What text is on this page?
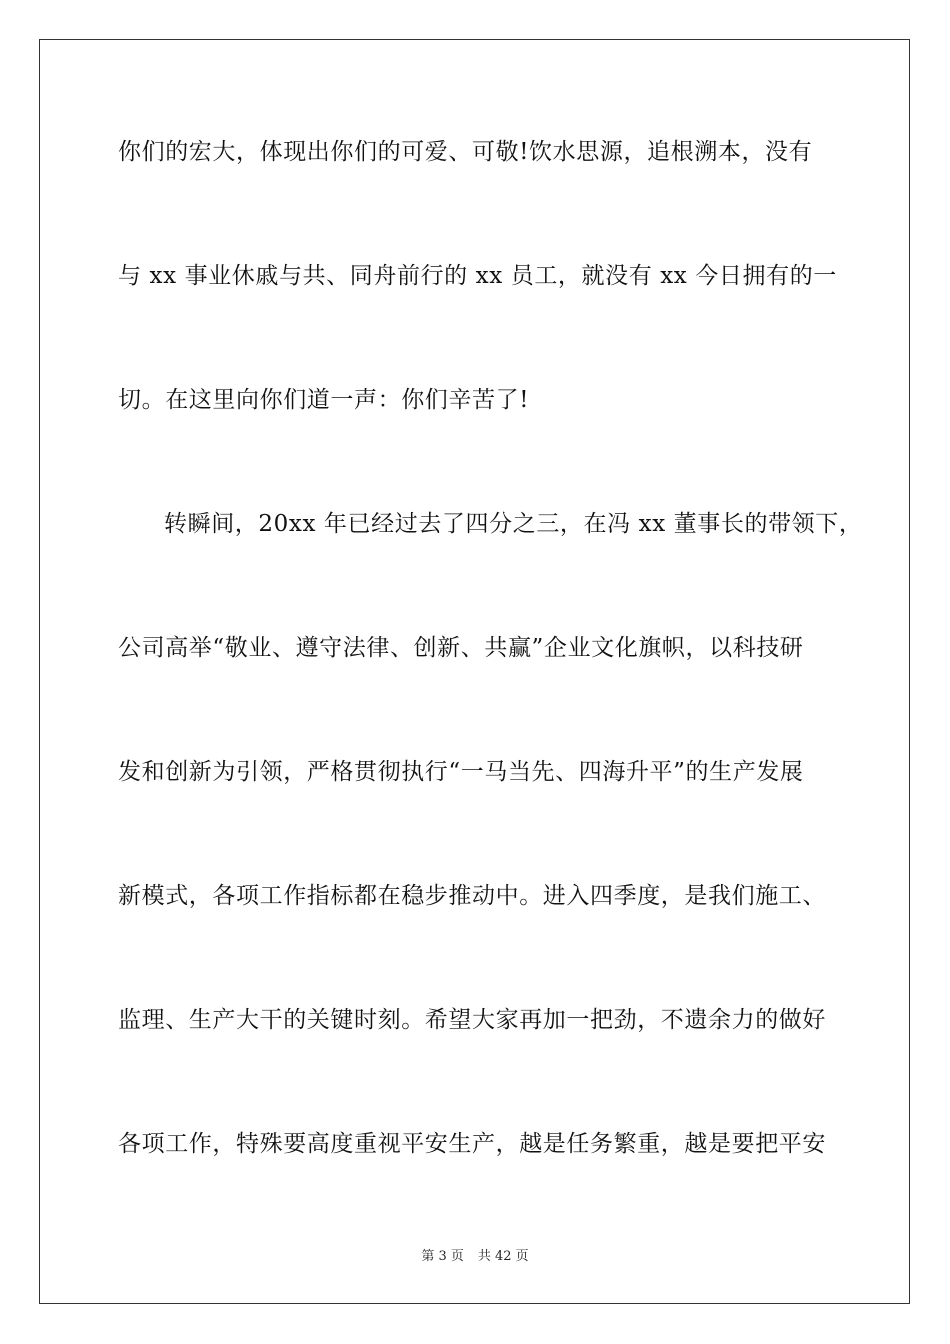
你们的宏大，体现出你们的可爱、可敬!饮水思源，追根溯本，没有
与 xx 事业休戚与共、同舟前行的 xx 员工，就没有 xx 今日拥有的一
切。在这里向你们道一声：你们辛苦了!
转瞬间，20xx 年已经过去了四分之三，在冯 xx 董事长的带领下，
公司高举“敬业、遵守法律、创新、共赢”企业文化旗帜，以科技研
发和创新为引领，严格贯彻执行“一马当先、四海升平”的生产发展
新模式，各项工作指标都在稳步推动中。进入四季度，是我们施工、
监理、生产大干的关键时刻。希望大家再加一把劲，不遗余力的做好
各项工作，特殊要高度重视平安生产，越是任务繁重，越是要把平安
第 3 页 共 42 页
